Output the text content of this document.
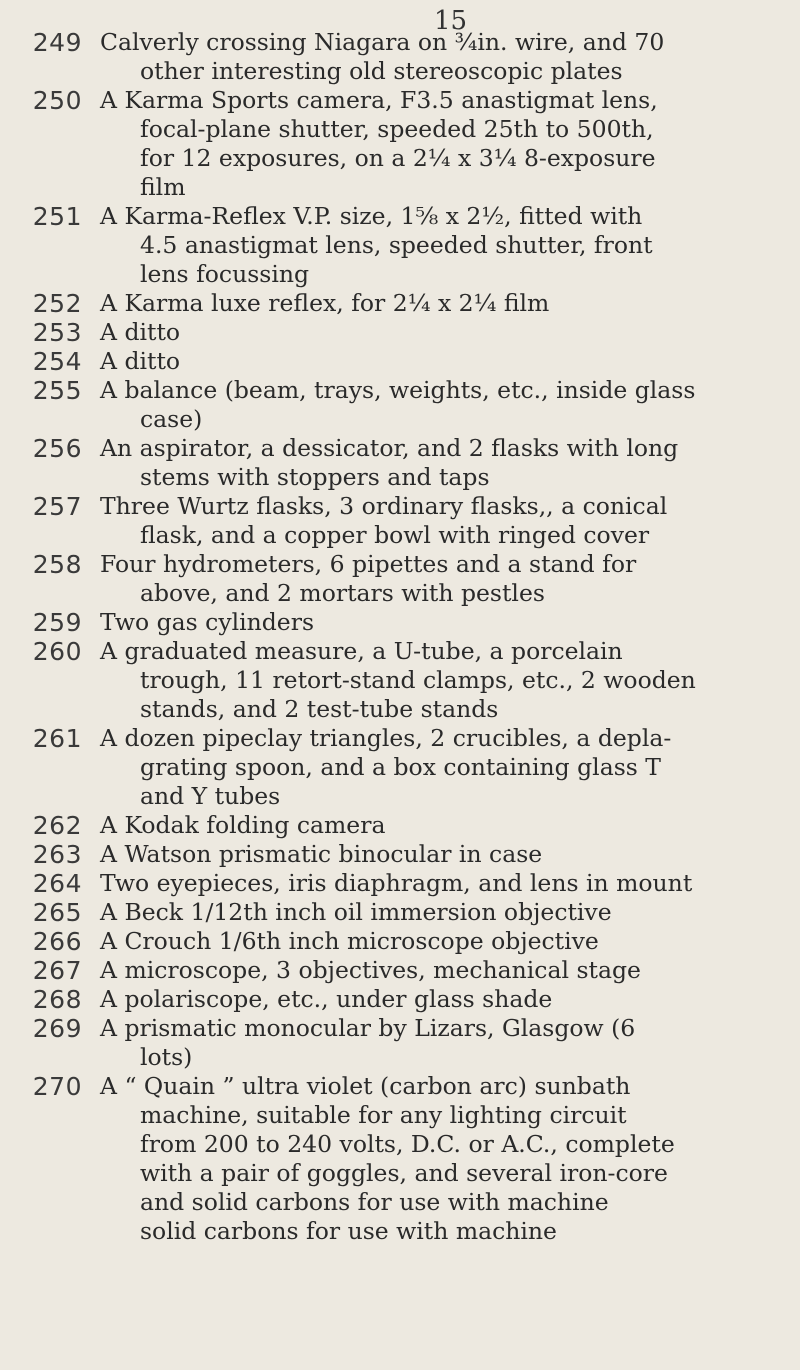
15
249 Calverly crossing Niagara on ¾in. wire, and 70
other interesting old stereoscopic plates
250 A Karma Sports camera, F3.5 anastigmat lens,
focal-plane shutter, speeded 25th to 500th,
for 12 exposures, on a 2¼ x 3¼ 8-exposure
film
251 A Karma-Reflex V.P. size, 1⅝ x 2½, fitted with
4.5 anastigmat lens, speeded shutter, front
lens focussing
252 A Karma luxe reflex, for 2¼ x 2¼ film
253 A ditto
254 A ditto
255 A balance (beam, trays, weights, etc., inside glass
case)
256 An aspirator, a dessicator, and 2 flasks with long
stems with stoppers and taps
257 Three Wurtz flasks, 3 ordinary flasks,, a conical
flask, and a copper bowl with ringed cover
258 Four hydrometers, 6 pipettes and a stand for
above, and 2 mortars with pestles
259 Two gas cylinders
260 A graduated measure, a U-tube, a porcelain
trough, 11 retort-stand clamps, etc., 2 wooden
stands, and 2 test-tube stands
261 A dozen pipeclay triangles, 2 crucibles, a depla-
grating spoon, and a box containing glass T
and Y tubes
262 A Kodak folding camera
263 A Watson prismatic binocular in case
264 Two eyepieces, iris diaphragm, and lens in mount
265 A Beck 1/12th inch oil immersion objective
266 A Crouch 1/6th inch microscope objective
267 A microscope, 3 objectives, mechanical stage
268 A polariscope, etc., under glass shade
269 A prismatic monocular by Lizars, Glasgow (6
lots)
270 A “ Quain ” ultra violet (carbon arc) sunbath
machine, suitable for any lighting circuit
from 200 to 240 volts, D.C. or A.C., complete
with a pair of goggles, and several iron-core
and solid carbons for use with machine
solid carbons for use with machine
